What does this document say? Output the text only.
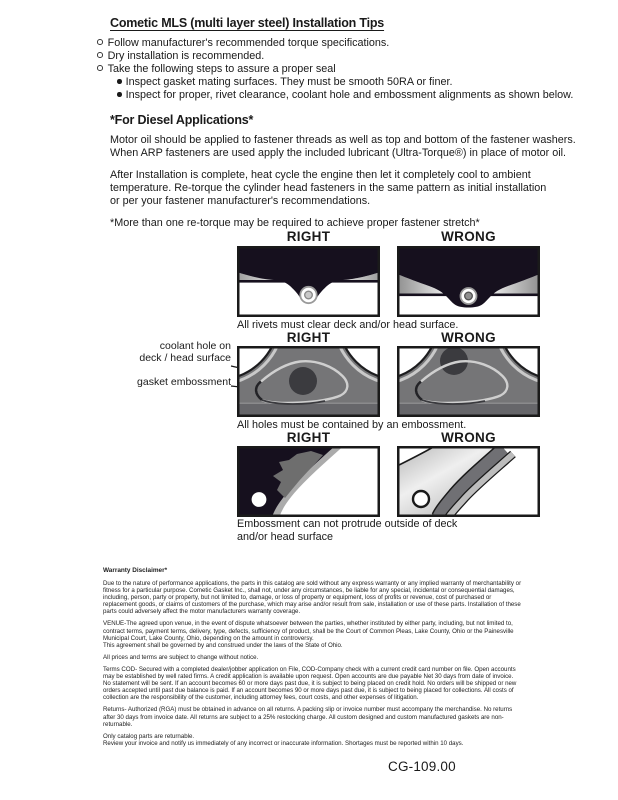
Cometic MLS (multi layer steel) Installation Tips
Follow manufacturer's recommended torque specifications.
Dry installation is recommended.
Take the following steps to assure a proper seal
Inspect gasket mating surfaces. They must be smooth 50RA or finer.
Inspect for proper, rivet clearance, coolant hole and embossment alignments as shown below.
*For Diesel Applications*
Motor oil should be applied to fastener threads as well as top and bottom of the fastener washers.
When ARP fasteners are used apply the included lubricant (Ultra-Torque®) in place of motor oil.
After Installation is complete, heat cycle the engine then let it completely cool to ambient
temperature. Re-torque the cylinder head fasteners in the same pattern as initial installation
or per your fastener manufacturer's recommendations.
*More than one re-torque may be required to achieve proper fastener stretch*
RIGHT	WRONG
All rivets must clear deck and/or head surface.
RIGHT	WRONG
coolant hole on
deck / head surface
gasket embossment
All holes must be contained by an embossment.
RIGHT	WRONG
Embossment can not protrude outside of deck
and/or head surface
Warranty Disclaimer*

Due to the nature of performance applications, the parts in this catalog are sold without any express warranty or any implied warranty of merchantability or fitness for a particular purpose. Cometic Gasket Inc., shall not, under any circumstances, be liable for any special, incidental or consequential damages, including, person, party or property, but not limited to, damage, or loss of property or equipment, loss of profits or revenue, cost of purchased or replacement goods, or claims of customers of the purchase, which may arise and/or result from sale, installation or use of these parts. Installation of these parts could adversely affect the motor manufacturers warranty coverage.

VENUE-The agreed upon venue, in the event of dispute whatsoever between the parties, whether instituted by either party, including, but not limited to, contract terms, payment terms, delivery, type, defects, sufficiency of product, shall be the Court of Common Pleas, Lake County, Ohio or the Painesville Municipal Court, Lake County, Ohio, depending on the amount in controversy.
This agreement shall be governed by and construed under the laws of the State of Ohio.

All prices and terms are subject to change without notice.

Terms COD- Secured with a completed dealer/jobber application on File, COD-Company check with a current credit card number on file. Open accounts may be established by well rated firms. A credit application is available upon request. Open accounts are due payable Net 30 days from date of invoice. No statement will be sent. If an account becomes 60 or more days past due, it is subject to being placed on credit hold. No orders will be shipped or new orders accepted until past due balance is paid. If an account becomes 90 or more days past due, it is subject to being placed for collections. All costs of collection are the responsibility of the customer, including attorney fees, court costs, and other expenses of litigation.

Returns- Authorized (RGA) must be obtained in advance on all returns. A packing slip or invoice number must accompany the merchandise. No returns after 30 days from invoice date. All returns are subject to a 25% restocking charge. All custom designed and custom manufactured gaskets are non-returnable.

Only catalog parts are returnable.
Review your invoice and notify us immediately of any incorrect or inaccurate information. Shortages must be reported within 10 days.

CG-109.00
